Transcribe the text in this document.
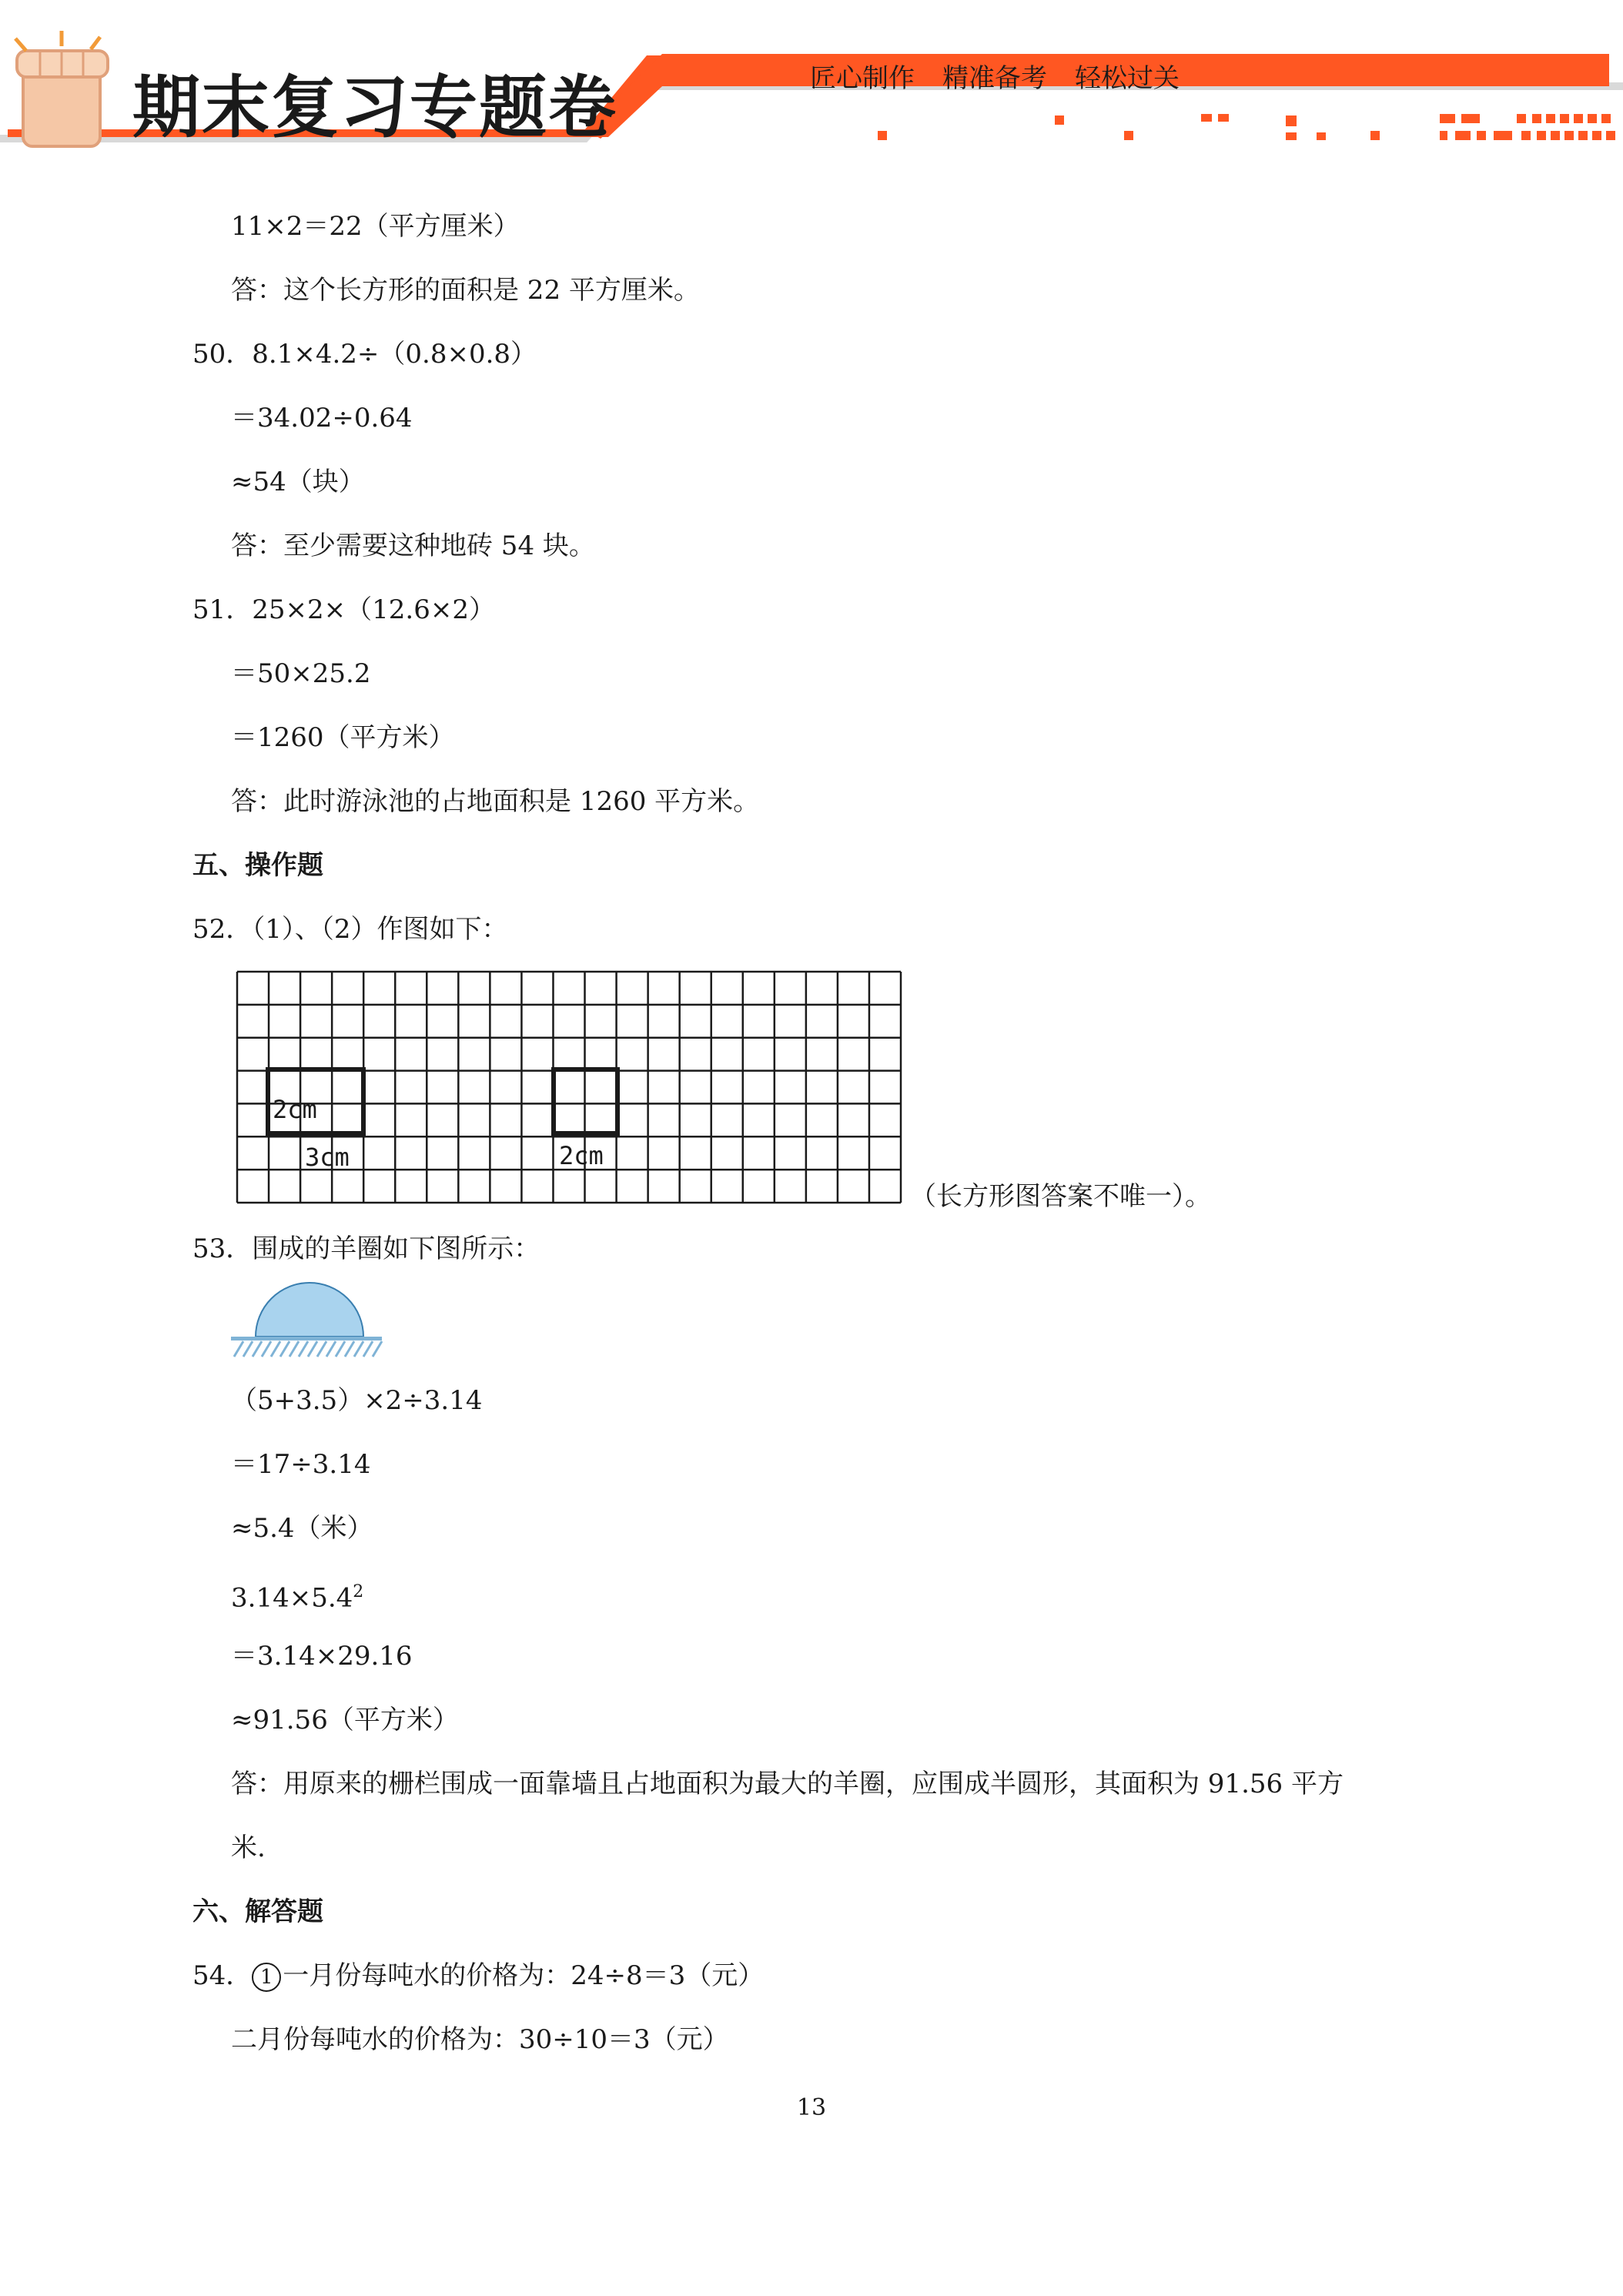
期末复习专题卷	匠心制作 精准备考 轻松过关
11×2＝22（平方厘米）
答：这个长方形的面积是 22 平方厘米。
50．8.1×4.2÷（0.8×0.8）
＝34.02÷0.64
≈54（块）
答：至少需要这种地砖 54 块。
51．25×2×（12.6×2）
＝50×25.2
＝1260（平方米）
答：此时游泳池的占地面积是 1260 平方米。
五、操作题
52．（1）、（2）作图如下：
2cm
3cm	2cm
（长方形图答案不唯一）。
53．围成的羊圈如下图所示：
（5+3.5）×2÷3.14
＝17÷3.14
≈5.4（米）
$3.14\times 5.4^2$
＝3.14×29.16
≈91.56（平方米）
答：用原来的栅栏围成一面靠墙且占地面积为最大的羊圈，应围成半圆形，其面积为 91.56 平方
米.
六、解答题
54． 1 一月份每吨水的价格为：24÷8＝3（元）
二月份每吨水的价格为：30÷10＝3（元）
13
